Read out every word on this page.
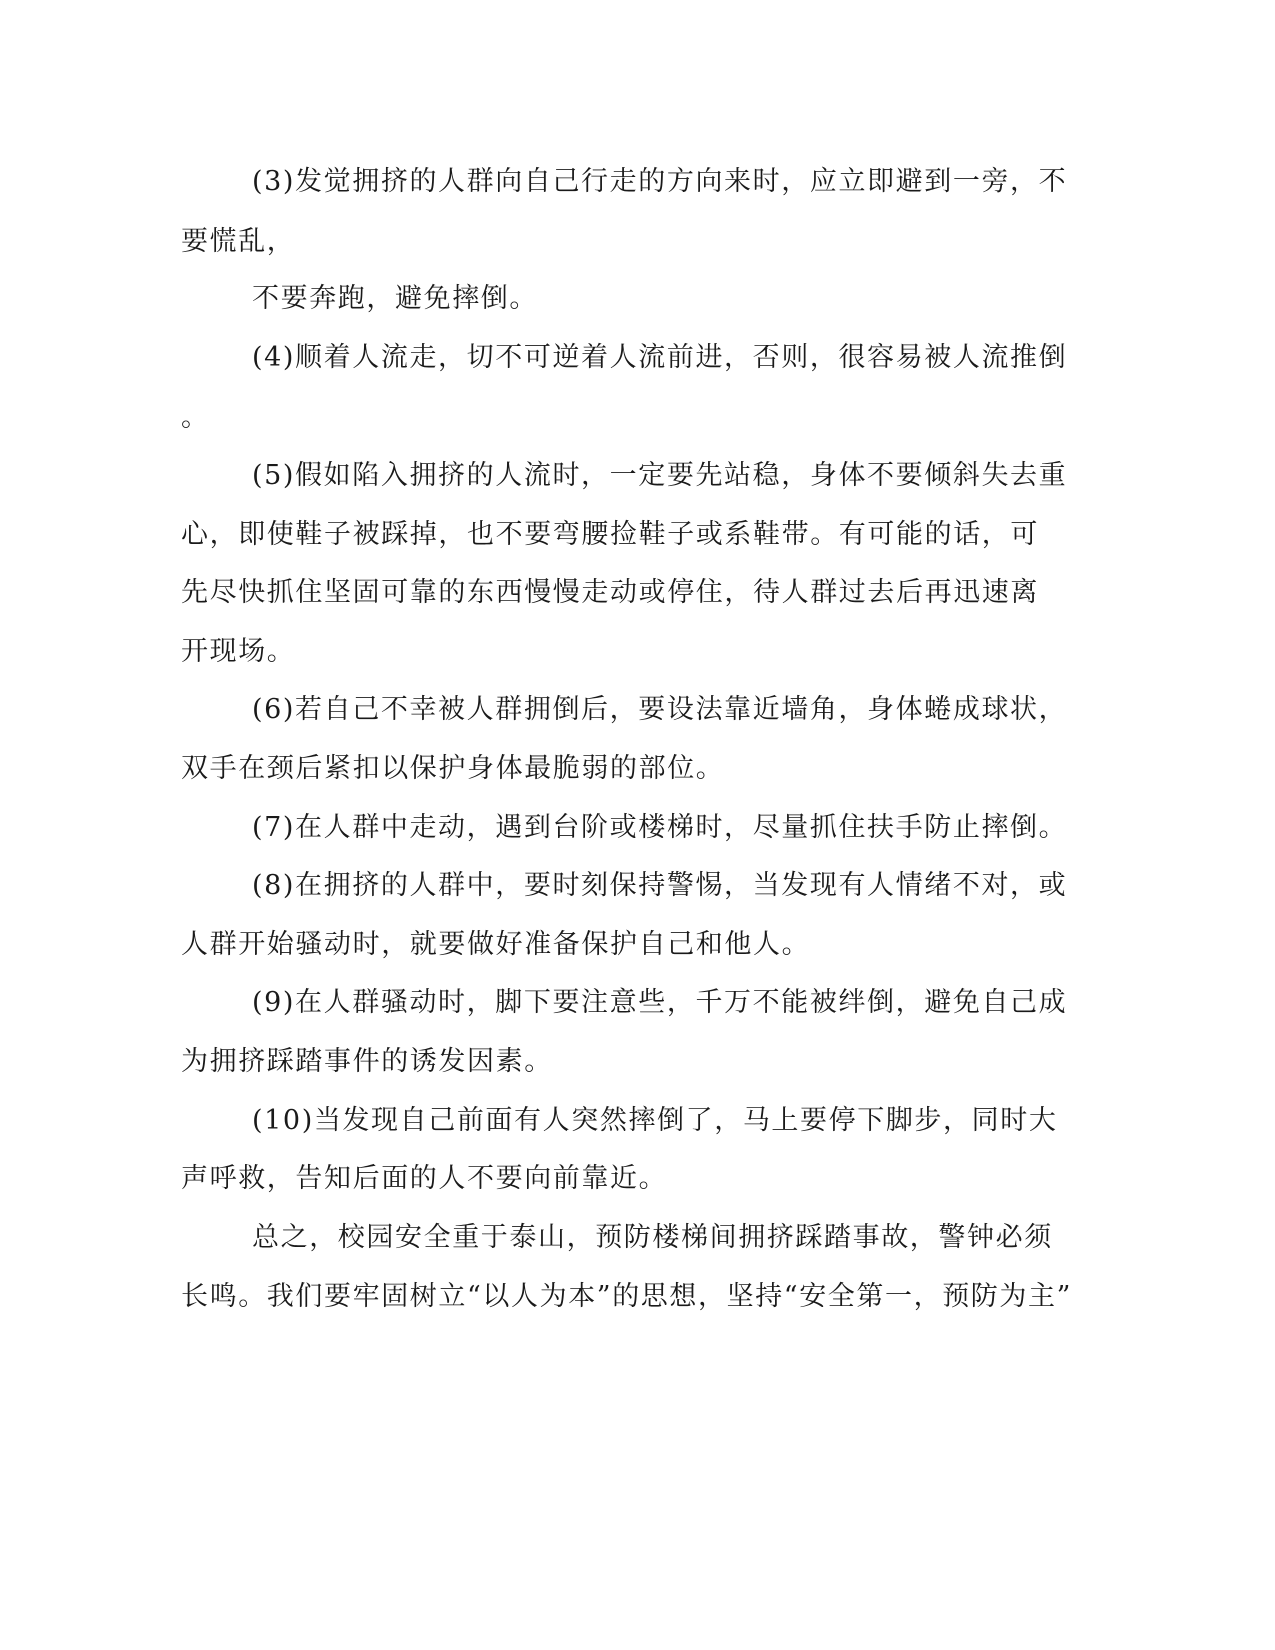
(3)发觉拥挤的人群向自己行走的方向来时，应立即避到一旁，不
要慌乱，
不要奔跑，避免摔倒。
(4)顺着人流走，切不可逆着人流前进，否则，很容易被人流推倒
。
(5)假如陷入拥挤的人流时，一定要先站稳，身体不要倾斜失去重
心，即使鞋子被踩掉，也不要弯腰捡鞋子或系鞋带。有可能的话，可
先尽快抓住坚固可靠的东西慢慢走动或停住，待人群过去后再迅速离
开现场。
(6)若自己不幸被人群拥倒后，要设法靠近墙角，身体蜷成球状，
双手在颈后紧扣以保护身体最脆弱的部位。
(7)在人群中走动，遇到台阶或楼梯时，尽量抓住扶手防止摔倒。
(8)在拥挤的人群中，要时刻保持警惕，当发现有人情绪不对，或
人群开始骚动时，就要做好准备保护自己和他人。
(9)在人群骚动时，脚下要注意些，千万不能被绊倒，避免自己成
为拥挤踩踏事件的诱发因素。
(10)当发现自己前面有人突然摔倒了，马上要停下脚步，同时大
声呼救，告知后面的人不要向前靠近。
总之，校园安全重于泰山，预防楼梯间拥挤踩踏事故，警钟必须
长鸣。我们要牢固树立“以人为本”的思想，坚持“安全第一，预防为主”
